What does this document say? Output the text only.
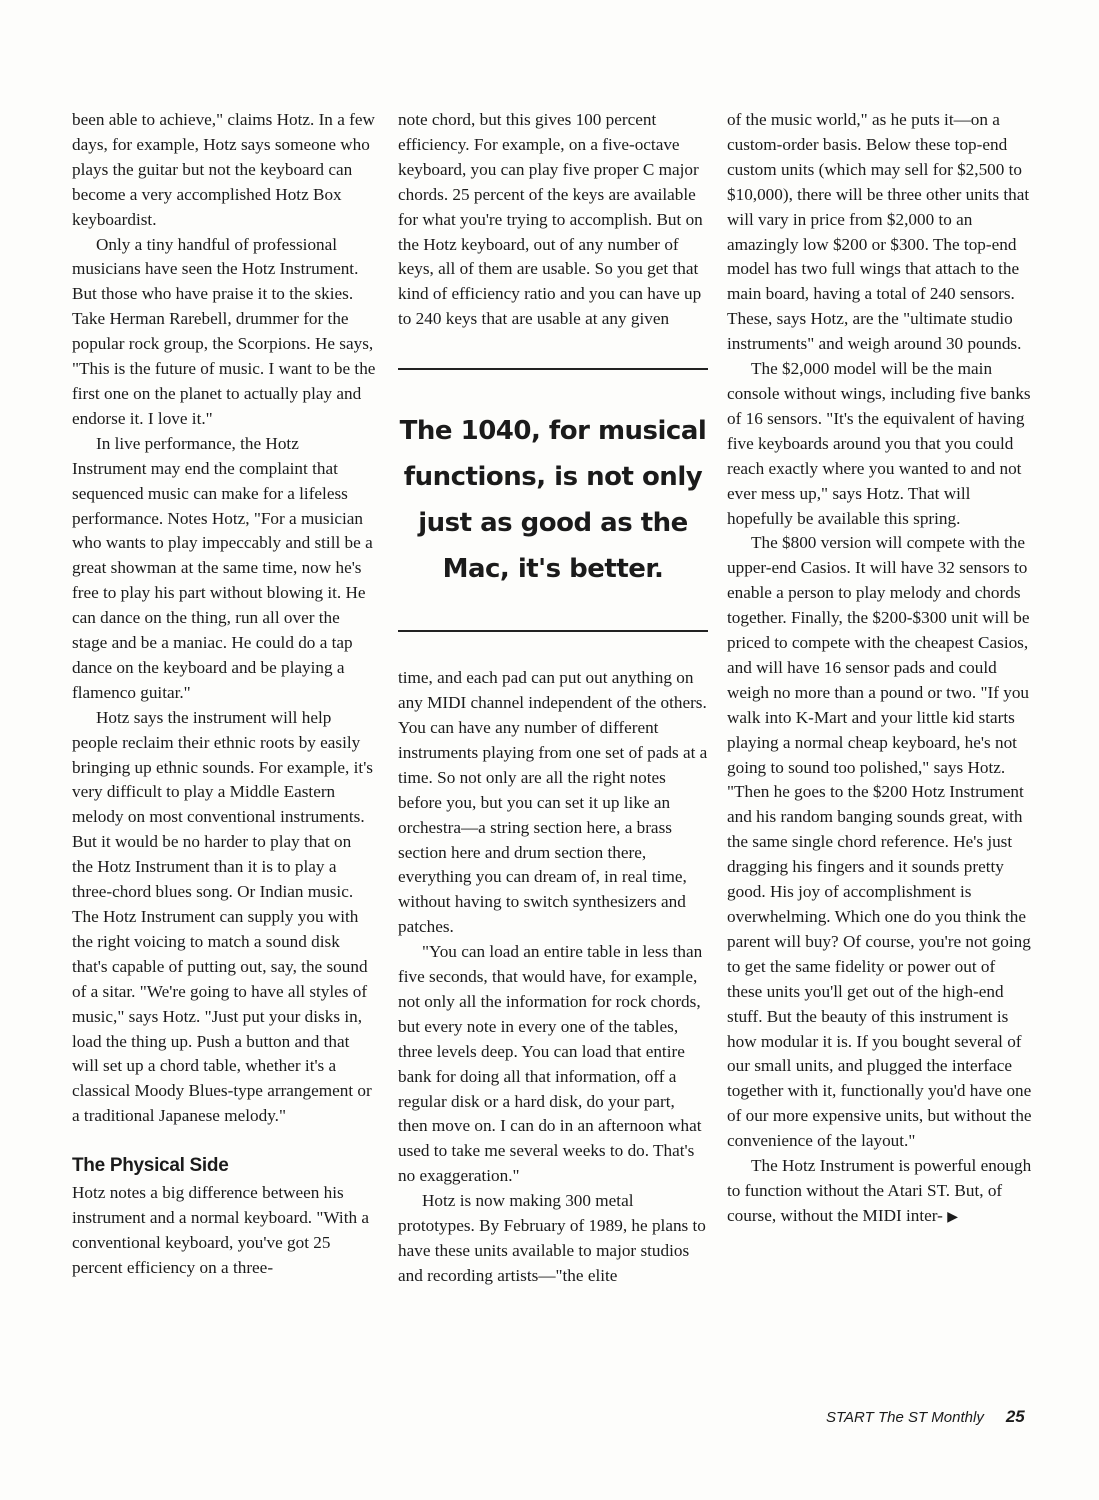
been able to achieve," claims Hotz. In a few days, for example, Hotz says someone who plays the guitar but not the keyboard can become a very accomplished Hotz Box keyboardist.

Only a tiny handful of professional musicians have seen the Hotz Instrument. But those who have praise it to the skies. Take Herman Rarebell, drummer for the popular rock group, the Scorpions. He says, "This is the future of music. I want to be the first one on the planet to actually play and endorse it. I love it."

In live performance, the Hotz Instrument may end the complaint that sequenced music can make for a lifeless performance. Notes Hotz, "For a musician who wants to play impeccably and still be a great showman at the same time, now he's free to play his part without blowing it. He can dance on the thing, run all over the stage and be a maniac. He could do a tap dance on the keyboard and be playing a flamenco guitar."

Hotz says the instrument will help people reclaim their ethnic roots by easily bringing up ethnic sounds. For example, it's very difficult to play a Middle Eastern melody on most conventional instruments. But it would be no harder to play that on the Hotz Instrument than it is to play a three-chord blues song. Or Indian music. The Hotz Instrument can supply you with the right voicing to match a sound disk that's capable of putting out, say, the sound of a sitar. "We're going to have all styles of music," says Hotz. "Just put your disks in, load the thing up. Push a button and that will set up a chord table, whether it's a classical Moody Blues-type arrangement or a traditional Japanese melody."

The Physical Side

Hotz notes a big difference between his instrument and a normal keyboard. "With a conventional keyboard, you've got 25 percent efficiency on a three-

note chord, but this gives 100 percent efficiency. For example, on a five-octave keyboard, you can play five proper C major chords. 25 percent of the keys are available for what you're trying to accomplish. But on the Hotz keyboard, out of any number of keys, all of them are usable. So you get that kind of efficiency ratio and you can have up to 240 keys that are usable at any given

The 1040, for musical functions, is not only just as good as the Mac, it's better.

time, and each pad can put out anything on any MIDI channel independent of the others. You can have any number of different instruments playing from one set of pads at a time. So not only are all the right notes before you, but you can set it up like an orchestra—a string section here, a brass section here and drum section there, everything you can dream of, in real time, without having to switch synthesizers and patches.

"You can load an entire table in less than five seconds, that would have, for example, not only all the information for rock chords, but every note in every one of the tables, three levels deep. You can load that entire bank for doing all that information, off a regular disk or a hard disk, do your part, then move on. I can do in an afternoon what used to take me several weeks to do. That's no exaggeration."

Hotz is now making 300 metal prototypes. By February of 1989, he plans to have these units available to major studios and recording artists—"the elite

of the music world," as he puts it—on a custom-order basis. Below these top-end custom units (which may sell for $2,500 to $10,000), there will be three other units that will vary in price from $2,000 to an amazingly low $200 or $300. The top-end model has two full wings that attach to the main board, having a total of 240 sensors. These, says Hotz, are the "ultimate studio instruments" and weigh around 30 pounds.

The $2,000 model will be the main console without wings, including five banks of 16 sensors. "It's the equivalent of having five keyboards around you that you could reach exactly where you wanted to and not ever mess up," says Hotz. That will hopefully be available this spring.

The $800 version will compete with the upper-end Casios. It will have 32 sensors to enable a person to play melody and chords together. Finally, the $200-$300 unit will be priced to compete with the cheapest Casios, and will have 16 sensor pads and could weigh no more than a pound or two. "If you walk into K-Mart and your little kid starts playing a normal cheap keyboard, he's not going to sound too polished," says Hotz. "Then he goes to the $200 Hotz Instrument and his random banging sounds great, with the same single chord reference. He's just dragging his fingers and it sounds pretty good. His joy of accomplishment is overwhelming. Which one do you think the parent will buy? Of course, you're not going to get the same fidelity or power out of these units you'll get out of the high-end stuff. But the beauty of this instrument is how modular it is. If you bought several of our small units, and plugged the interface together with it, functionally you'd have one of our more expensive units, but without the convenience of the layout."

The Hotz Instrument is powerful enough to function without the Atari ST. But, of course, without the MIDI inter- ▶

START The ST Monthly 25
